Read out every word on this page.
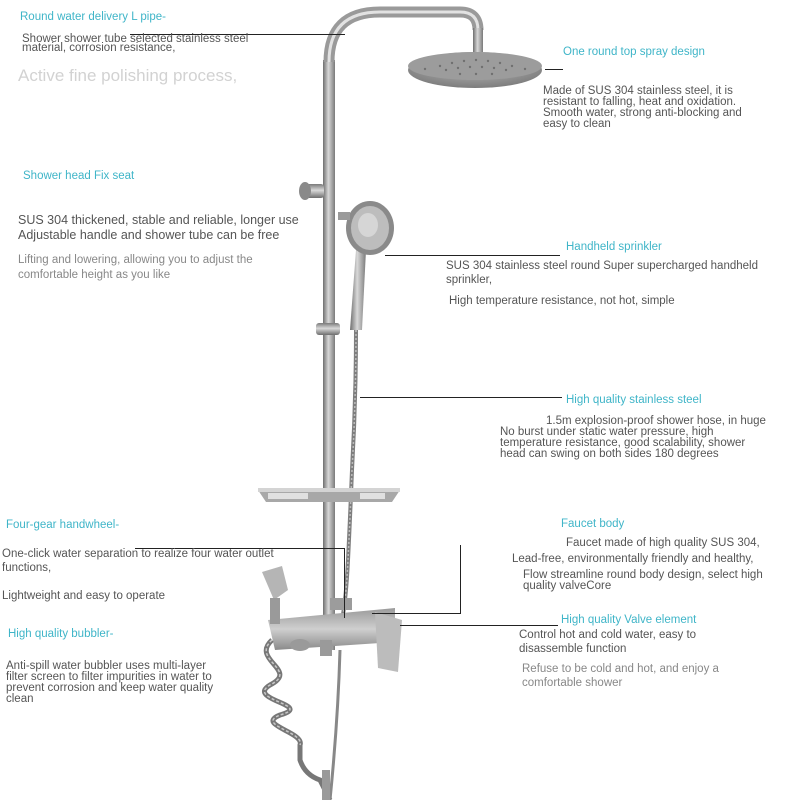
Round water delivery L pipe-
Shower shower tube selected stainless steel
material, corrosion resistance,
Active fine polishing process,
One round top spray design
Made of SUS 304 stainless steel, it is
resistant to falling, heat and oxidation.
Smooth water, strong anti-blocking and
easy to clean
Shower head Fix seat
SUS 304 thickened, stable and reliable, longer use
Adjustable handle and shower tube can be free
Lifting and lowering, allowing you to adjust the
comfortable height as you like
Handheld sprinkler
SUS 304 stainless steel round Super supercharged handheld
sprinkler,
High temperature resistance, not hot, simple
High quality stainless steel
1.5m explosion-proof shower hose, in huge
No burst under static water pressure, high
temperature resistance, good scalability, shower
head can swing on both sides 180 degrees
Four-gear handwheel-
One-click water separation to realize four water outlet
functions,
Lightweight and easy to operate
Faucet body
Faucet made of high quality SUS 304,
Lead-free, environmentally friendly and healthy,
Flow streamline round body design, select high
quality valveCore
High quality bubbler-
Anti-spill water bubbler uses multi-layer
filter screen to filter impurities in water to
prevent corrosion and keep water quality
clean
High quality Valve element
Control hot and cold water, easy to
disassemble function
Refuse to be cold and hot, and enjoy a
comfortable shower
